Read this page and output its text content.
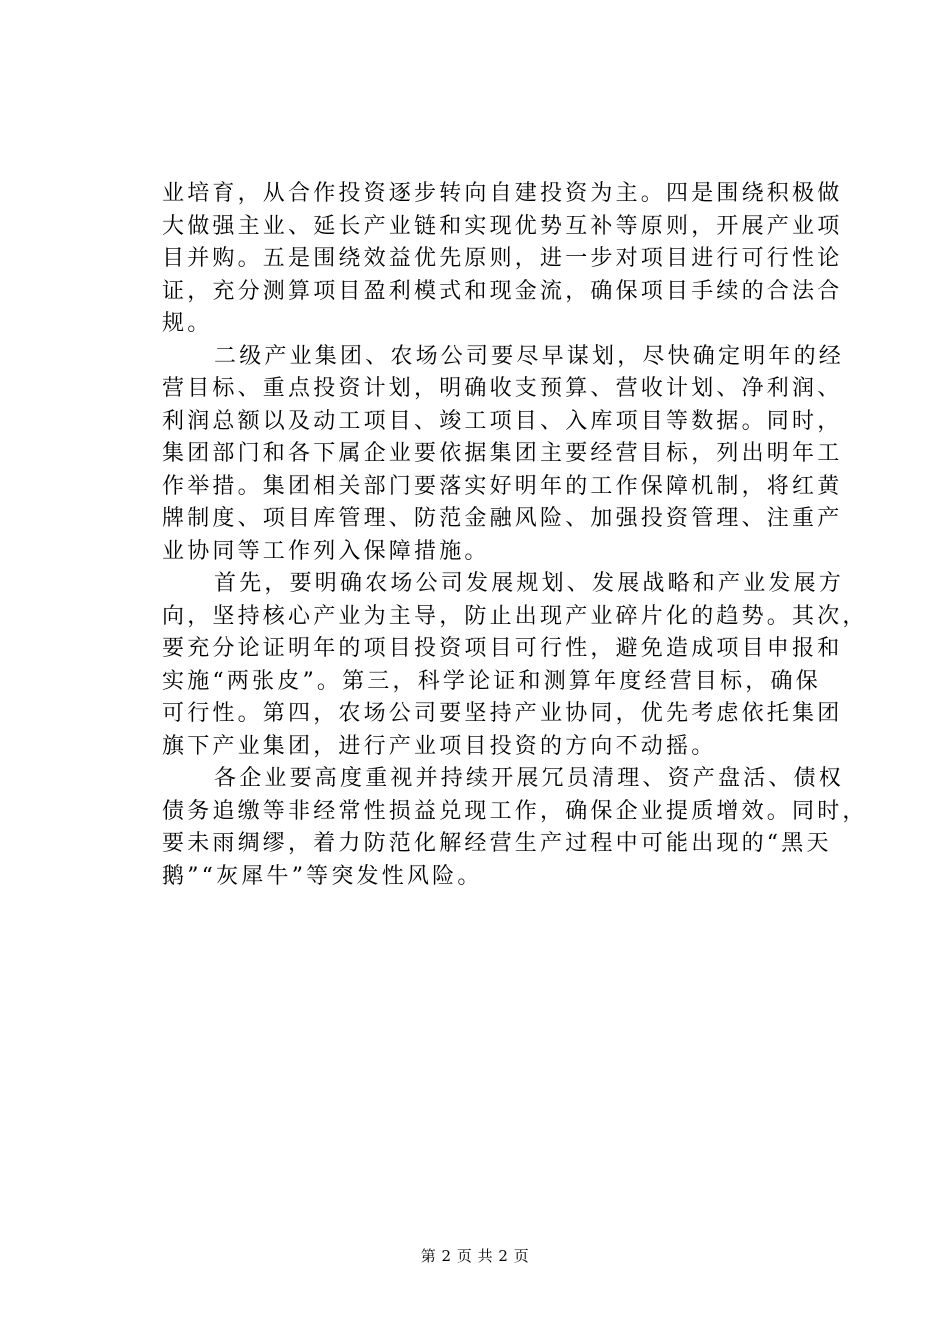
业培育，从合作投资逐步转向自建投资为主。四是围绕积极做
大做强主业、延长产业链和实现优势互补等原则，开展产业项
目并购。五是围绕效益优先原则，进一步对项目进行可行性论
证，充分测算项目盈利模式和现金流，确保项目手续的合法合
规。
二级产业集团、农场公司要尽早谋划，尽快确定明年的经
营目标、重点投资计划，明确收支预算、营收计划、净利润、
利润总额以及动工项目、竣工项目、入库项目等数据。同时，
集团部门和各下属企业要依据集团主要经营目标，列出明年工
作举措。集团相关部门要落实好明年的工作保障机制，将红黄
牌制度、项目库管理、防范金融风险、加强投资管理、注重产
业协同等工作列入保障措施。
首先，要明确农场公司发展规划、发展战略和产业发展方
向，坚持核心产业为主导，防止出现产业碎片化的趋势。其次，
要充分论证明年的项目投资项目可行性，避免造成项目申报和
实施“两张皮”。第三，科学论证和测算年度经营目标，确保
可行性。第四，农场公司要坚持产业协同，优先考虑依托集团
旗下产业集团，进行产业项目投资的方向不动摇。
各企业要高度重视并持续开展冗员清理、资产盘活、债权
债务追缴等非经常性损益兑现工作，确保企业提质增效。同时，
要未雨绸缪，着力防范化解经营生产过程中可能出现的“黑天
鹅”“灰犀牛”等突发性风险。
第 2 页 共 2 页
